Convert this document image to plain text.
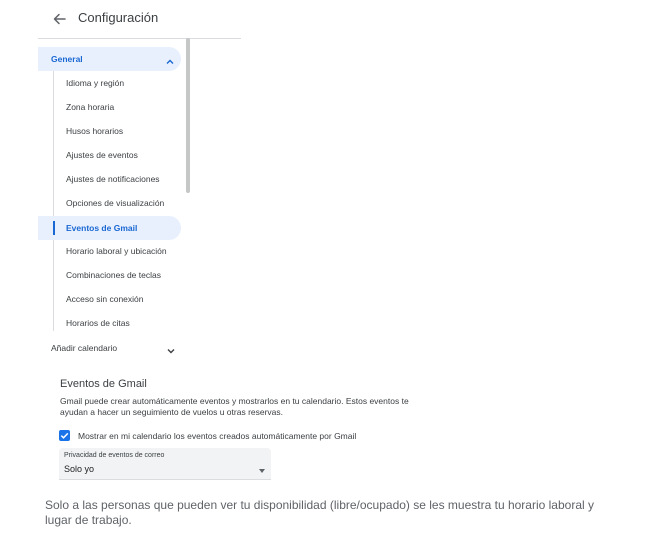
Configuración
General
Idioma y región
Zona horaria
Husos horarios
Ajustes de eventos
Ajustes de notificaciones
Opciones de visualización
Eventos de Gmail
Horario laboral y ubicación
Combinaciones de teclas
Acceso sin conexión
Horarios de citas
Añadir calendario
Eventos de Gmail
Gmail puede crear automáticamente eventos y mostrarlos en tu calendario. Estos eventos te ayudan a hacer un seguimiento de vuelos u otras reservas.
Mostrar en mi calendario los eventos creados automáticamente por Gmail
Privacidad de eventos de correo
Solo yo
Solo a las personas que pueden ver tu disponibilidad (libre/ocupado) se les muestra tu horario laboral y lugar de trabajo.
